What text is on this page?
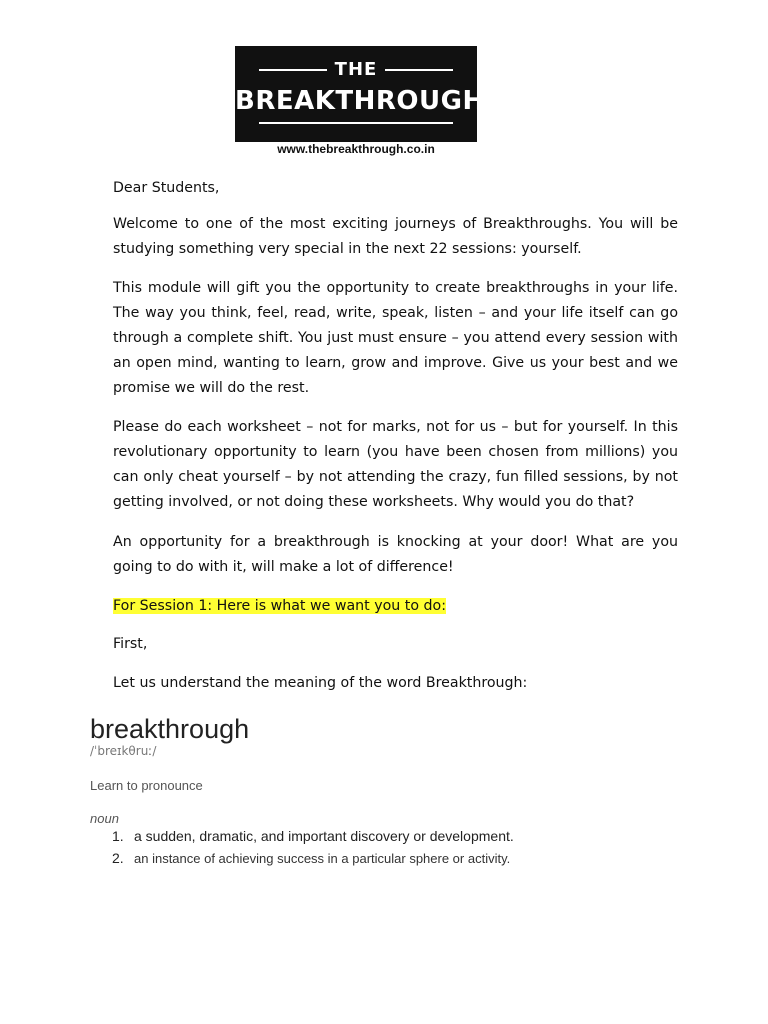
THE
BREAKTHROUGH
www.thebreakthrough.co.in

Dear Students,

Welcome to one of the most exciting journeys of Breakthroughs. You will be studying something very special in the next 22 sessions: yourself.

This module will gift you the opportunity to create breakthroughs in your life. The way you think, feel, read, write, speak, listen – and your life itself can go through a complete shift. You just must ensure – you attend every session with an open mind, wanting to learn, grow and improve. Give us your best and we promise we will do the rest.

Please do each worksheet – not for marks, not for us – but for yourself. In this revolutionary opportunity to learn (you have been chosen from millions) you can only cheat yourself – by not attending the crazy, fun filled sessions, by not getting involved, or not doing these worksheets. Why would you do that?

An opportunity for a breakthrough is knocking at your door! What are you going to do with it, will make a lot of difference!

For Session 1: Here is what we want you to do:

First,

Let us understand the meaning of the word Breakthrough:

breakthrough
/ˈbreɪkθruː/
Learn to pronounce
noun
1. a sudden, dramatic, and important discovery or development.
2. an instance of achieving success in a particular sphere or activity.
